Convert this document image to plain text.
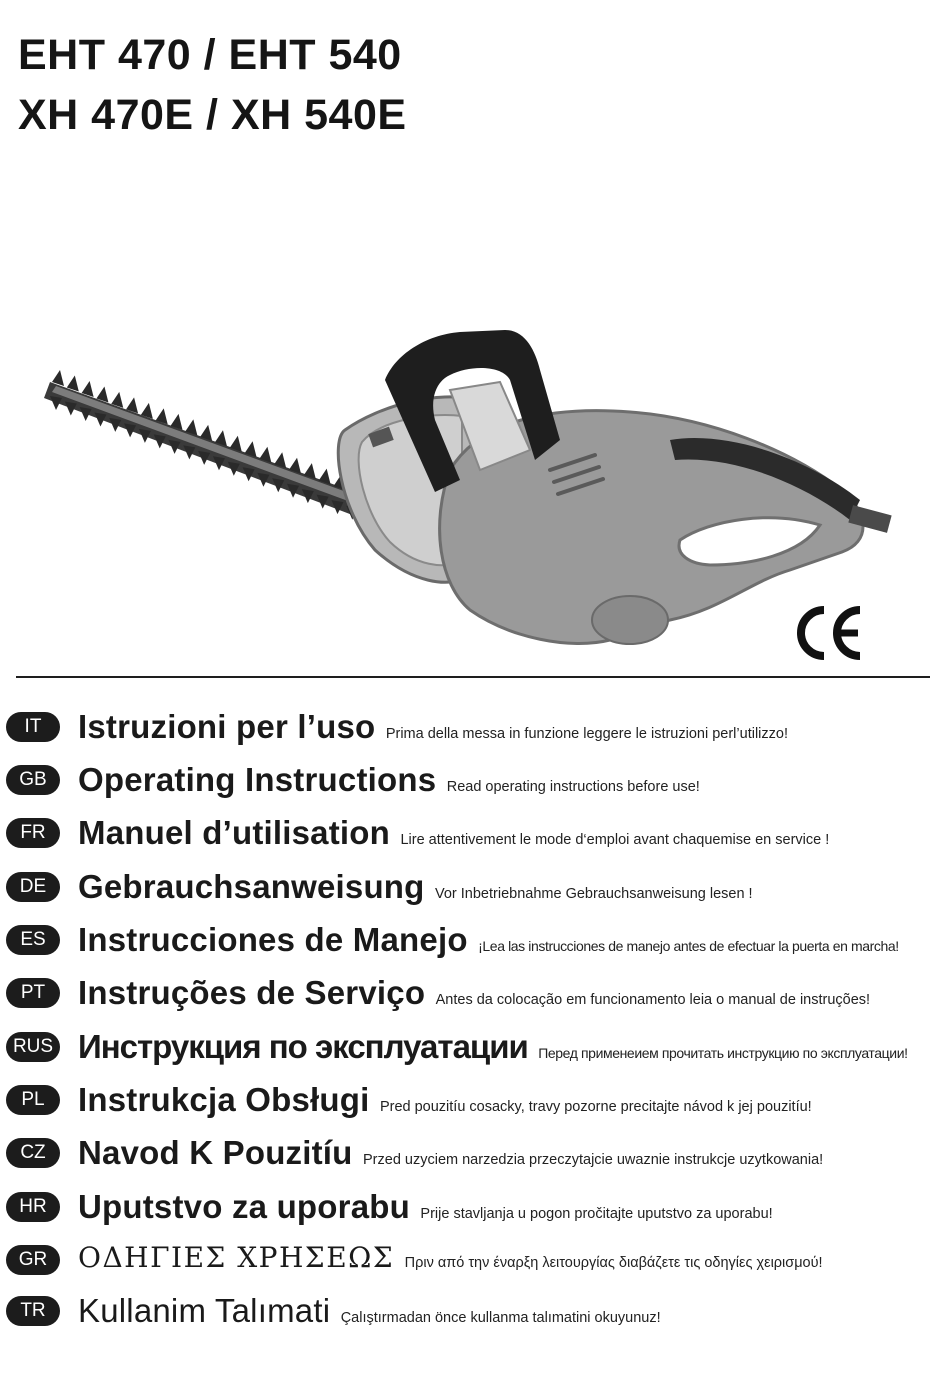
EHT 470 / EHT 540
XH 470E / XH 540E
IT	Istruzioni per l’uso Prima della messa in funzione leggere le istruzioni perl’utilizzo!
GB Operating Instructions Read operating instructions before use!
FR Manuel d’utilisation Lire attentivement le mode d‘emploi avant chaquemise en service !
DE Gebrauchsanweisung Vor Inbetriebnahme Gebrauchsanweisung lesen !
ES Instrucciones de Manejo ¡Lea las instrucciones de manejo antes de efectuar la puerta en marcha!
PT Instruções de Serviço Antes da colocação em funcionamento leia o manual de instruções!
RUS Инструкция по эксплуатации Перед применеием прочитать инструкцию по эксплуатации!
PL	Instrukcja Obsługi Pred pouzitíu cosacky, travy pozorne precitajte návod k jej pouzitíu!
CZ Navod K Pouzitíu Przed uzyciem narzedzia przeczytajcie uwaznie instrukcje uzytkowania!
HR Uputstvo za uporabu Prije stavljanja u pogon pročitajte uputstvo za uporabu!
GR	ΟΔΗΓΙΕΣ ΧΡΗΣΕΩΣ Πριν από την έναρξη λειτουργίας διαβάζετε τις οδηγίες χειρισμού!
TR Kullanim Talımati Çalıştırmadan önce kullanma talımatini okuyunuz!
